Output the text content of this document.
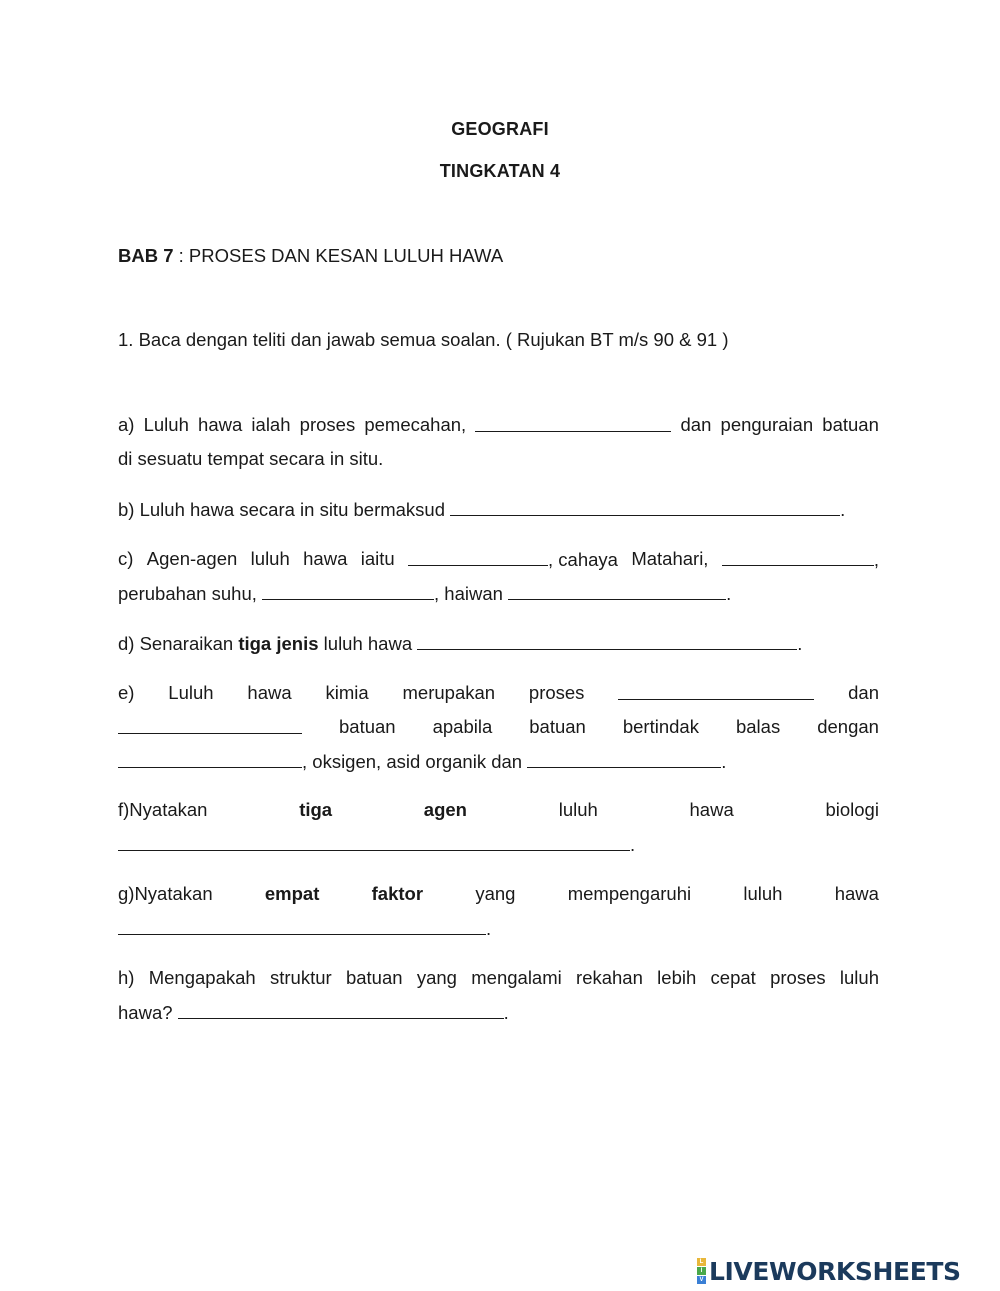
GEOGRAFI
TINGKATAN 4
BAB 7 : PROSES DAN KESAN LULUH HAWA
1. Baca dengan teliti dan jawab semua soalan. ( Rujukan BT m/s 90 & 91 )
a) Luluh hawa ialah proses pemecahan,	dan penguraian batuan
di sesuatu tempat secara in situ.
b) Luluh hawa secara in situ bermaksud	.
c) Agen-agen luluh hawa iaitu	, cahaya Matahari,	,
perubahan suhu,	, haiwan	.
d) Senaraikan tiga jenis luluh hawa	.
e) Luluh hawa kimia merupakan proses	dan
batuan apabila batuan bertindak balas dengan
, oksigen, asid organik dan	.
f)Nyatakan	tiga	agen	luluh	hawa	biologi
.
g)Nyatakan	empat	faktor	yang	mempengaruhi	luluh	hawa
.
h) Mengapakah struktur batuan yang mengalami rekahan lebih cepat proses luluh
hawa?	.
L
I
V LIVEWORKSHEETS
